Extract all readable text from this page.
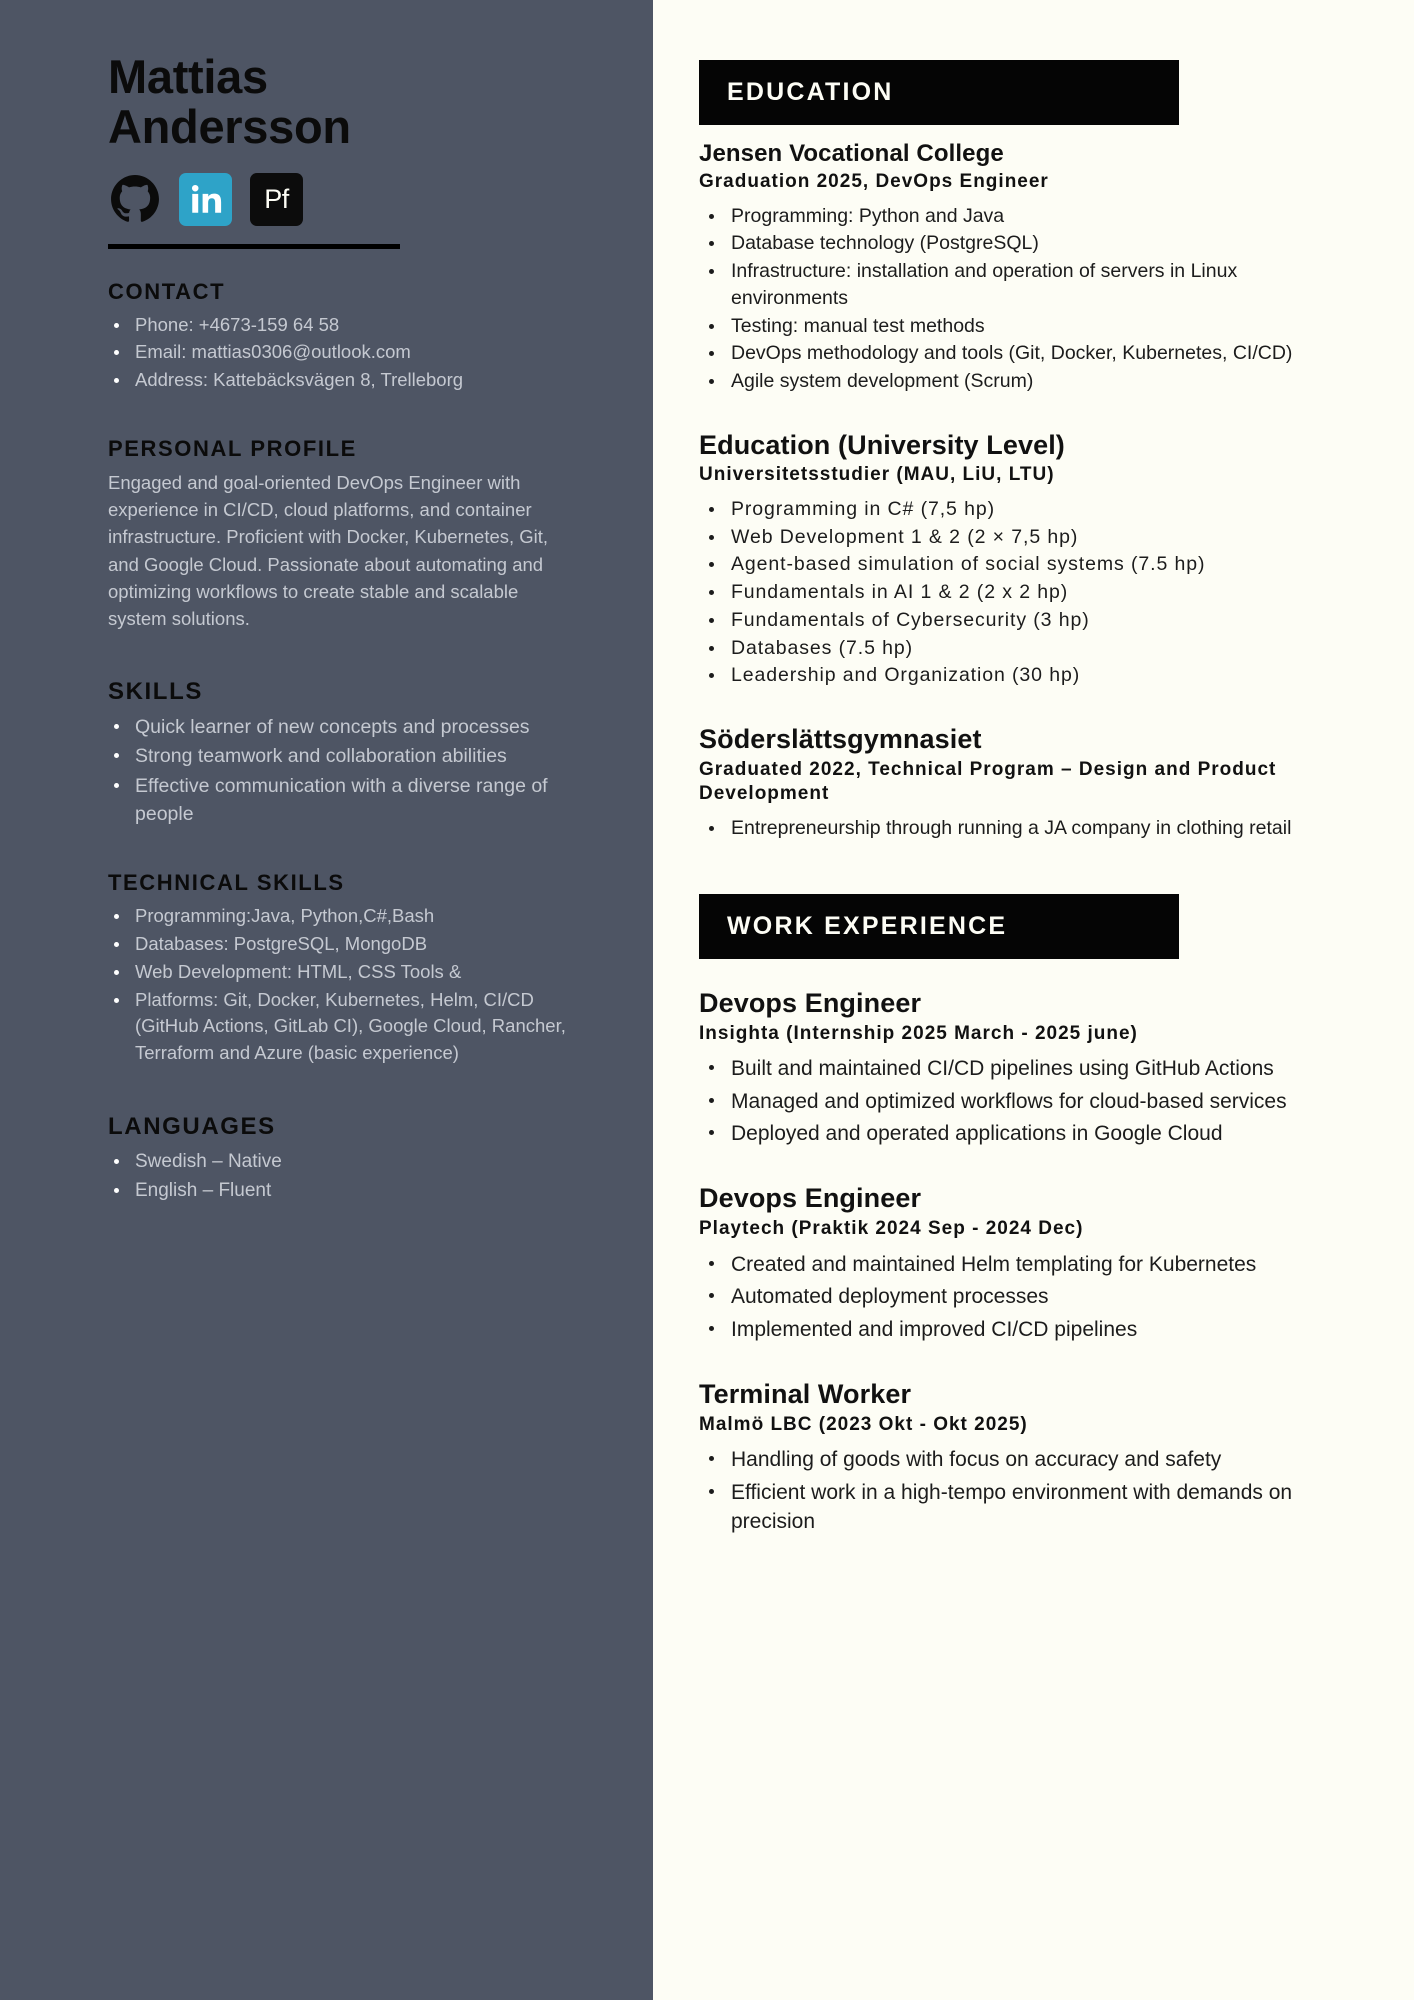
Mattias
Andersson
Pf
CONTACT
Phone: +4673-159 64 58
Email: mattias0306@outlook.com
Address: Kattebäcksvägen 8, Trelleborg
PERSONAL PROFILE

Engaged and goal-oriented DevOps Engineer with experience in CI/CD, cloud platforms, and container infrastructure. Proficient with Docker, Kubernetes, Git, and Google Cloud. Passionate about automating and optimizing workflows to create stable and scalable system solutions.

SKILLS
Quick learner of new concepts and processes
Strong teamwork and collaboration abilities
Effective communication with a diverse range of people
TECHNICAL SKILLS
Programming:Java, Python,C#,Bash
Databases: PostgreSQL, MongoDB
Web Development: HTML, CSS Tools &
Platforms: Git, Docker, Kubernetes, Helm, CI/CD (GitHub Actions, GitLab CI), Google Cloud, Rancher, Terraform and Azure (basic experience)
LANGUAGES
Swedish – Native
English – Fluent
EDUCATION
Jensen Vocational College
Graduation 2025, DevOps Engineer
Programming: Python and Java
Database technology (PostgreSQL)
Infrastructure: installation and operation of servers in Linux environments
Testing: manual test methods
DevOps methodology and tools (Git, Docker, Kubernetes, CI/CD)
Agile system development (Scrum)
Education (University Level)
Universitetsstudier (MAU, LiU, LTU)
Programming in C# (7,5 hp)
Web Development 1 & 2 (2 × 7,5 hp)
Agent-based simulation of social systems (7.5 hp)
Fundamentals in AI 1 & 2 (2 x 2 hp)
Fundamentals of Cybersecurity (3 hp)
Databases (7.5 hp)
Leadership and Organization (30 hp)
Söderslättsgymnasiet
Graduated 2022, Technical Program – Design and Product Development
Entrepreneurship through running a JA company in clothing retail
WORK EXPERIENCE
Devops Engineer
Insighta (Internship 2025 March - 2025 june)
Built and maintained CI/CD pipelines using GitHub Actions
Managed and optimized workflows for cloud-based services
Deployed and operated applications in Google Cloud
Devops Engineer
Playtech (Praktik 2024 Sep - 2024 Dec)
Created and maintained Helm templating for Kubernetes
Automated deployment processes
Implemented and improved CI/CD pipelines
Terminal Worker
Malmö LBC (2023 Okt - Okt 2025)
Handling of goods with focus on accuracy and safety
Efficient work in a high-tempo environment with demands on precision
